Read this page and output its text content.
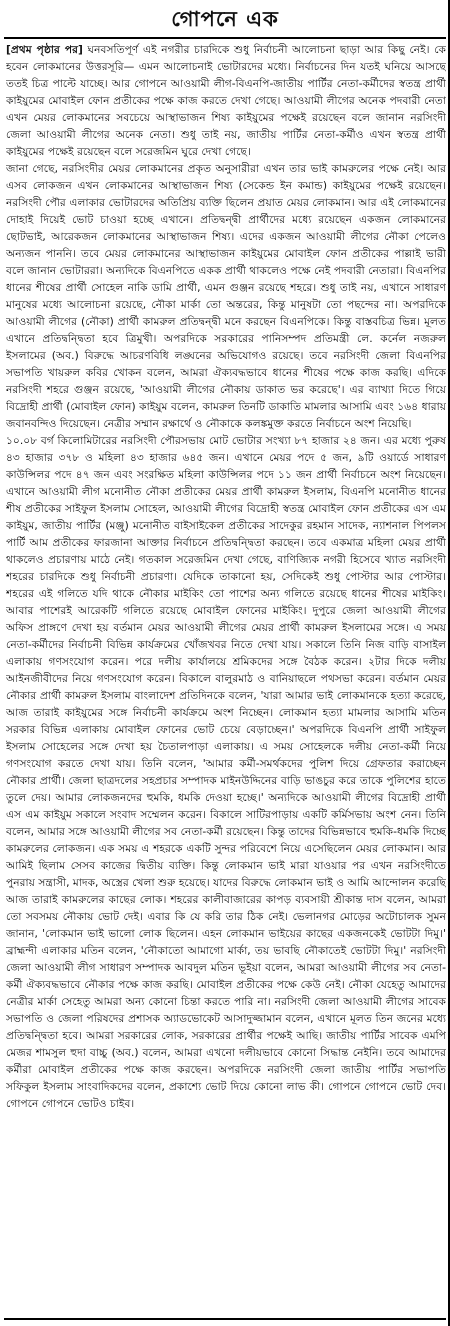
গোপনে এক

[প্রথম পৃষ্ঠার পর] ঘনবসতিপূর্ণ এই নগরীর চারদিকে শুধু নির্বাচনী আলোচনা ছাড়া আর কিছু নেই। কে হবেন লোকমানের উত্তরসূরি— এমন আলোচনাই ভোটারদের মধ্যে। নির্বাচনের দিন যতই ঘনিয়ে আসছে ততই চিত্র পাল্টে যাচ্ছে। আর গোপনে আওয়ামী লীগ-বিএনপি-জাতীয় পার্টির নেতা-কর্মীদের স্বতন্ত্র প্রার্থী কাইয়ুমের মোবাইল ফোন প্রতীকের পক্ষে কাজ করতে দেখা গেছে। আওয়ামী লীগের অনেক পদবারী নেতা এখন মেয়র লোকমানের সবচেয়ে আস্থাভাজন শিষ্য কাইয়ুমের পক্ষেই রয়েছেন বলে জানান নরসিংদী জেলা আওয়ামী লীগের অনেক নেতা। শুধু তাই নয়, জাতীয় পার্টির নেতা-কর্মীও এখন স্বতন্ত্র প্রার্থী কাইয়ুমের পক্ষেই রয়েছেন বলে সরেজমিন ঘুরে দেখা গেছে।

জানা গেছে, নরসিংদীর মেয়র লোকমানের প্রকৃত অনুসারীরা এখন তার ভাই কামরুলের পক্ষে নেই। আর এসব লোকজন এখন লোকমানের আস্থাভাজন শিষ্য (সেকেন্ড ইন কমান্ড) কাইয়ুমের পক্ষেই রয়েছেন। নরসিংদী পৌর এলাকার ভোটারদের অতিপ্রিয় ব্যক্তি ছিলেন প্রয়াত মেয়র লোকমান। আর এই লোকমানের দোহাই দিয়েই ভোট চাওয়া হচ্ছে এখানে। প্রতিদ্বন্দ্বী প্রার্থীদের মধ্যে রয়েছেন একজন লোকমানের ছোটভাই, আরেকজন লোকমানের আস্থাভাজন শিষ্য। এদের একজন আওয়ামী লীগের নৌকা পেলেও অন্যজন পাননি। তবে মেয়র লোকমানের আস্থাভাজন কাইয়ুমের মোবাইল ফোন প্রতীকের পাল্লাই ভারী বলে জানান ভোটাররা। অন্যদিকে বিএনপিতে একক প্রার্থী থাকলেও পক্ষে নেই পদবারী নেতারা। বিএনপির ধানের শীষের প্রার্থী সোহেল নাকি ডামি প্রার্থী, এমন গুঞ্জন রয়েছে শহরে। শুধু তাই নয়, এখানে সাধারণ মানুষের মধ্যে আলোচনা রয়েছে, নৌকা মার্কা তো অন্তরের, কিন্তু মানুষটা তো পছন্দের না। অপরদিকে আওয়ামী লীগের (নৌকা) প্রার্থী কামরুল প্রতিদ্বন্দ্বী মনে করছেন বিএনপিকে। কিন্তু বাস্তবচিত্র ভিন্ন। মূলত এখানে প্রতিদ্বন্দ্বিতা হবে ত্রিমুখী। অপরদিকে সরকারের পানিসম্পদ প্রতিমন্ত্রী লে. কর্নেল নজরুল ইসলামের (অব.) বিরুদ্ধে আচরণবিধি লঙ্ঘনের অভিযোগও রয়েছে। তবে নরসিংদী জেলা বিএনপির সভাপতি খায়রুল কবির খোকন বলেন, আমরা ঐক্যবদ্ধভাবে ধানের শীষের পক্ষে কাজ করছি। এদিকে নরসিংদী শহরে গুঞ্জন রয়েছে, 'আওয়ামী লীগের নৌকায় ডাকাত ভর করেছে'। এর ব্যাখ্যা দিতে গিয়ে বিদ্রোহী প্রার্থী (মোবাইল ফোন) কাইয়ুম বলেন, কামরুল তিনটি ডাকাতি মামলার আসামি এবং ১৬৪ ধারায় জবানবন্দিও দিয়েছেন। নেত্রীর সম্মান রক্ষার্থে ও নৌকাকে কলঙ্কমুক্ত করতে নির্বাচনে অংশ নিয়েছি।

১০.০৮ বর্গ কিলোমিটারের নরসিংদী পৌরসভায় মোট ভোটার সংখ্যা ৮৭ হাজার ২৪ জন। এর মধ্যে পুরুষ ৪৩ হাজার ৩৭৮ ও মহিলা ৪৩ হাজার ৬৪৫ জন। এখানে মেয়র পদে ৫ জন, ৯টি ওয়ার্ডে সাধারণ কাউন্সিলর পদে ৪৭ জন এবং সংরক্ষিত মহিলা কাউন্সিলর পদে ১১ জন প্রার্থী নির্বাচনে অংশ নিয়েছেন। এখানে আওয়ামী লীগ মনোনীত নৌকা প্রতীকের মেয়র প্রার্থী কামরুল ইসলাম, বিএনপি মনোনীত ধানের শীষ প্রতীকের সাইফুল ইসলাম সোহেল, আওয়ামী লীগের বিদ্রোহী স্বতন্ত্র মোবাইল ফোন প্রতীকের এস এম কাইয়ুম, জাতীয় পার্টির (মঞ্জু) মনোনীত বাইসাইকেল প্রতীকের সাদেকুর রহমান সাদেক, ন্যাশনাল পিপলস পার্টি আম প্রতীকের ফারজানা আক্তার নির্বাচনে প্রতিদ্বন্দ্বিতা করছেন। তবে একমাত্র মহিলা মেয়র প্রার্থী থাকলেও প্রচারণায় মাঠে নেই। গতকাল সরেজমিন দেখা গেছে, বাণিজ্যিক নগরী হিসেবে খ্যাত নরসিংদী শহরের চারদিকে শুধু নির্বাচনী প্রচারণা। যেদিকে তাকানো হয়, সেদিকেই শুধু পোস্টার আর পোস্টার। শহরের এই গলিতে যদি থাকে নৌকার মাইকিং তো পাশের অন্য গলিতে রয়েছে ধানের শীষের মাইকিং। আবার পাশেরই আরেকটি গলিতে রয়েছে মোবাইল ফোনের মাইকিং। দুপুরে জেলা আওয়ামী লীগের অফিস প্রাঙ্গণে দেখা হয় বর্তমান মেয়র আওয়ামী লীগের মেয়র প্রার্থী কামরুল ইসলামের সঙ্গে। এ সময় নেতা-কর্মীদের নির্বাচনী বিভিন্ন কার্যক্রমের খোঁজখবর নিতে দেখা যায়। সকালে তিনি নিজ বাড়ি বাসাইল এলাকায় গণসংযোগ করেন। পরে দলীয় কার্যালয়ে শ্রমিকদের সঙ্গে বৈঠক করেন। ২টার দিকে দলীয় আইনজীবীদের নিয়ে গণসংযোগ করেন। বিকালে বালুরমাঠ ও বানিয়াছলে পথসভা করেন। বর্তমান মেয়র নৌকার প্রার্থী কামরুল ইসলাম বাংলাদেশ প্রতিদিনকে বলেন, 'যারা আমার ভাই লোকমানকে হত্যা করেছে, আজ তারাই কাইয়ুমের সঙ্গে নির্বাচনী কার্যক্রমে অংশ নিচ্ছেন। লোকমান হত্যা মামলার আসামি মতিন সরকার বিভিন্ন এলাকায় মোবাইল ফোনের ভোট চেয়ে বেড়াচ্ছেন।' অপরদিকে বিএনপি প্রার্থী সাইফুল ইসলাম সোহেলের সঙ্গে দেখা হয় চৈতালপাড়া এলাকায়। এ সময় সোহেলকে দলীয় নেতা-কর্মী নিয়ে গণসংযোগ করতে দেখা যায়। তিনি বলেন, 'আমার কর্মী-সমর্থকদের পুলিশ দিয়ে গ্রেফতার করাচ্ছেন নৌকার প্রার্থী। জেলা ছাত্রদলের সহপ্রচার সম্পাদক মাইনউদ্দিনের বাড়ি ভাঙচুর করে তাকে পুলিশের হাতে তুলে দেয়। আমার লোকজনদের হুমকি, ধমকি দেওয়া হচ্ছে।' অন্যদিকে আওয়ামী লীগের বিদ্রোহী প্রার্থী এস এম কাইয়ুম সকালে সংবাদ সম্মেলন করেন। বিকালে সাটিরপাড়ায় একটি কর্মিসভায় অংশ নেন। তিনি বলেন, আমার সঙ্গে আওয়ামী লীগের সব নেতা-কর্মী রয়েছেন। কিন্তু তাদের বিভিন্নভাবে হুমকি-ধমকি দিচ্ছে কামরুলের লোকজন। এক সময় এ শহরকে একটি সুন্দর পরিবেশে নিয়ে এসেছিলেন মেয়র লোকমান। আর আমিই ছিলাম সেসব কাজের দ্বিতীয় ব্যক্তি। কিন্তু লোকমান ভাই মারা যাওয়ার পর এখন নরসিংদীতে পুনরায় সন্ত্রাসী, মাদক, অস্ত্রের খেলা শুরু হয়েছে। যাদের বিরুদ্ধে লোকমান ভাই ও আমি আন্দোলন করেছি আজ তারাই কামরুলের কাছের লোক। শহরের কালীবাজারের কাপড় ব্যবসায়ী শ্রীকান্ত দাস বলেন, আমরা তো সবসময় নৌকায় ভোট দেই। এবার কি যে করি তার ঠিক নেই। ভেলানগর মোড়ের অটোচালক সুমন জানান, 'লোকমান ভাই ভালো লোক ছিলেন। এহন লোকমান ভাইয়ের কাছের একজনকেই ভোটটা দিমু।' ব্রাহ্মন্দী এলাকার মতিন বলেন, 'নৌকাতো আমাগো মার্কা, তয় ভাবছি নৌকাতেই ভোটটা দিমু।' নরসিংদী জেলা আওয়ামী লীগ সাধারণ সম্পাদক আবদুল মতিন ভূইয়া বলেন, আমরা আওয়ামী লীগের সব নেতা-কর্মী ঐক্যবদ্ধভাবে নৌকার পক্ষে কাজ করছি। মোবাইল প্রতীকের পক্ষে কেউ নেই। নৌকা যেহেতু আমাদের নেত্রীর মার্কা সেহেতু আমরা অন্য কোনো চিন্তা করতে পারি না। নরসিংদী জেলা আওয়ামী লীগের সাবেক সভাপতি ও জেলা পরিষদের প্রশাসক অ্যাডভোকেট আসাদুজ্জামান বলেন, এখানে মূলত তিন জনের মধ্যে প্রতিদ্বন্দ্বিতা হবে। আমরা সরকারের লোক, সরকারের প্রার্থীর পক্ষেই আছি। জাতীয় পার্টির সাবেক এমপি মেজর শামসুল হুদা বাচ্চু (অব.) বলেন, আমরা এখনো দলীয়ভাবে কোনো সিদ্ধান্ত নেইনি। তবে আমাদের কর্মীরা মোবাইল প্রতীকের পক্ষে কাজ করছেন। অপরদিকে নরসিংদী জেলা জাতীয় পার্টির সভাপতি সফিকুল ইসলাম সাংবাদিকদের বলেন, প্রকাশ্যে ভোট দিয়ে কোনো লাভ কী। গোপনে গোপনে ভোট দেব। গোপনে গোপনে ভোটও চাইব।
